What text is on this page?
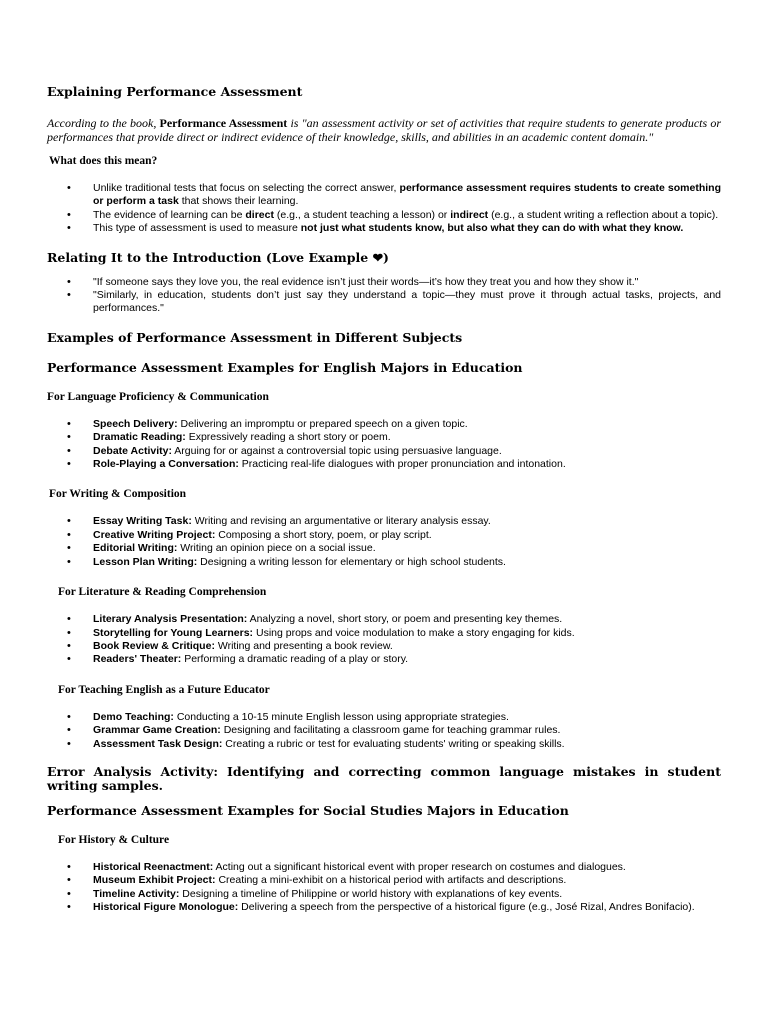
Explaining Performance Assessment

According to the book, Performance Assessment is "an assessment activity or set of activities that require students to generate products or performances that provide direct or indirect evidence of their knowledge, skills, and abilities in an academic content domain."

What does this mean?
• Unlike traditional tests that focus on selecting the correct answer, performance assessment requires students to create something or perform a task that shows their learning.
• The evidence of learning can be direct (e.g., a student teaching a lesson) or indirect (e.g., a student writing a reflection about a topic).
• This type of assessment is used to measure not just what students know, but also what they can do with what they know.
Relating It to the Introduction (Love Example ❤)
• "If someone says they love you, the real evidence isn’t just their words—it’s how they treat you and how they show it."
• "Similarly, in education, students don’t just say they understand a topic—they must prove it through actual tasks, projects, and performances."
Examples of Performance Assessment in Different Subjects
Performance Assessment Examples for English Majors in Education
For Language Proficiency & Communication
• Speech Delivery: Delivering an impromptu or prepared speech on a given topic.
• Dramatic Reading: Expressively reading a short story or poem.
• Debate Activity: Arguing for or against a controversial topic using persuasive language.
• Role-Playing a Conversation: Practicing real-life dialogues with proper pronunciation and intonation.
For Writing & Composition
• Essay Writing Task: Writing and revising an argumentative or literary analysis essay.
• Creative Writing Project: Composing a short story, poem, or play script.
• Editorial Writing: Writing an opinion piece on a social issue.
• Lesson Plan Writing: Designing a writing lesson for elementary or high school students.
For Literature & Reading Comprehension
• Literary Analysis Presentation: Analyzing a novel, short story, or poem and presenting key themes.
• Storytelling for Young Learners: Using props and voice modulation to make a story engaging for kids.
• Book Review & Critique: Writing and presenting a book review.
• Readers' Theater: Performing a dramatic reading of a play or story.
For Teaching English as a Future Educator
• Demo Teaching: Conducting a 10-15 minute English lesson using appropriate strategies.
• Grammar Game Creation: Designing and facilitating a classroom game for teaching grammar rules.
• Assessment Task Design: Creating a rubric or test for evaluating students' writing or speaking skills.

Error Analysis Activity: Identifying and correcting common language mistakes in student writing samples.

Performance Assessment Examples for Social Studies Majors in Education
For History & Culture
• Historical Reenactment: Acting out a significant historical event with proper research on costumes and dialogues.
• Museum Exhibit Project: Creating a mini-exhibit on a historical period with artifacts and descriptions.
• Timeline Activity: Designing a timeline of Philippine or world history with explanations of key events.
• Historical Figure Monologue: Delivering a speech from the perspective of a historical figure (e.g., José Rizal, Andres Bonifacio).
